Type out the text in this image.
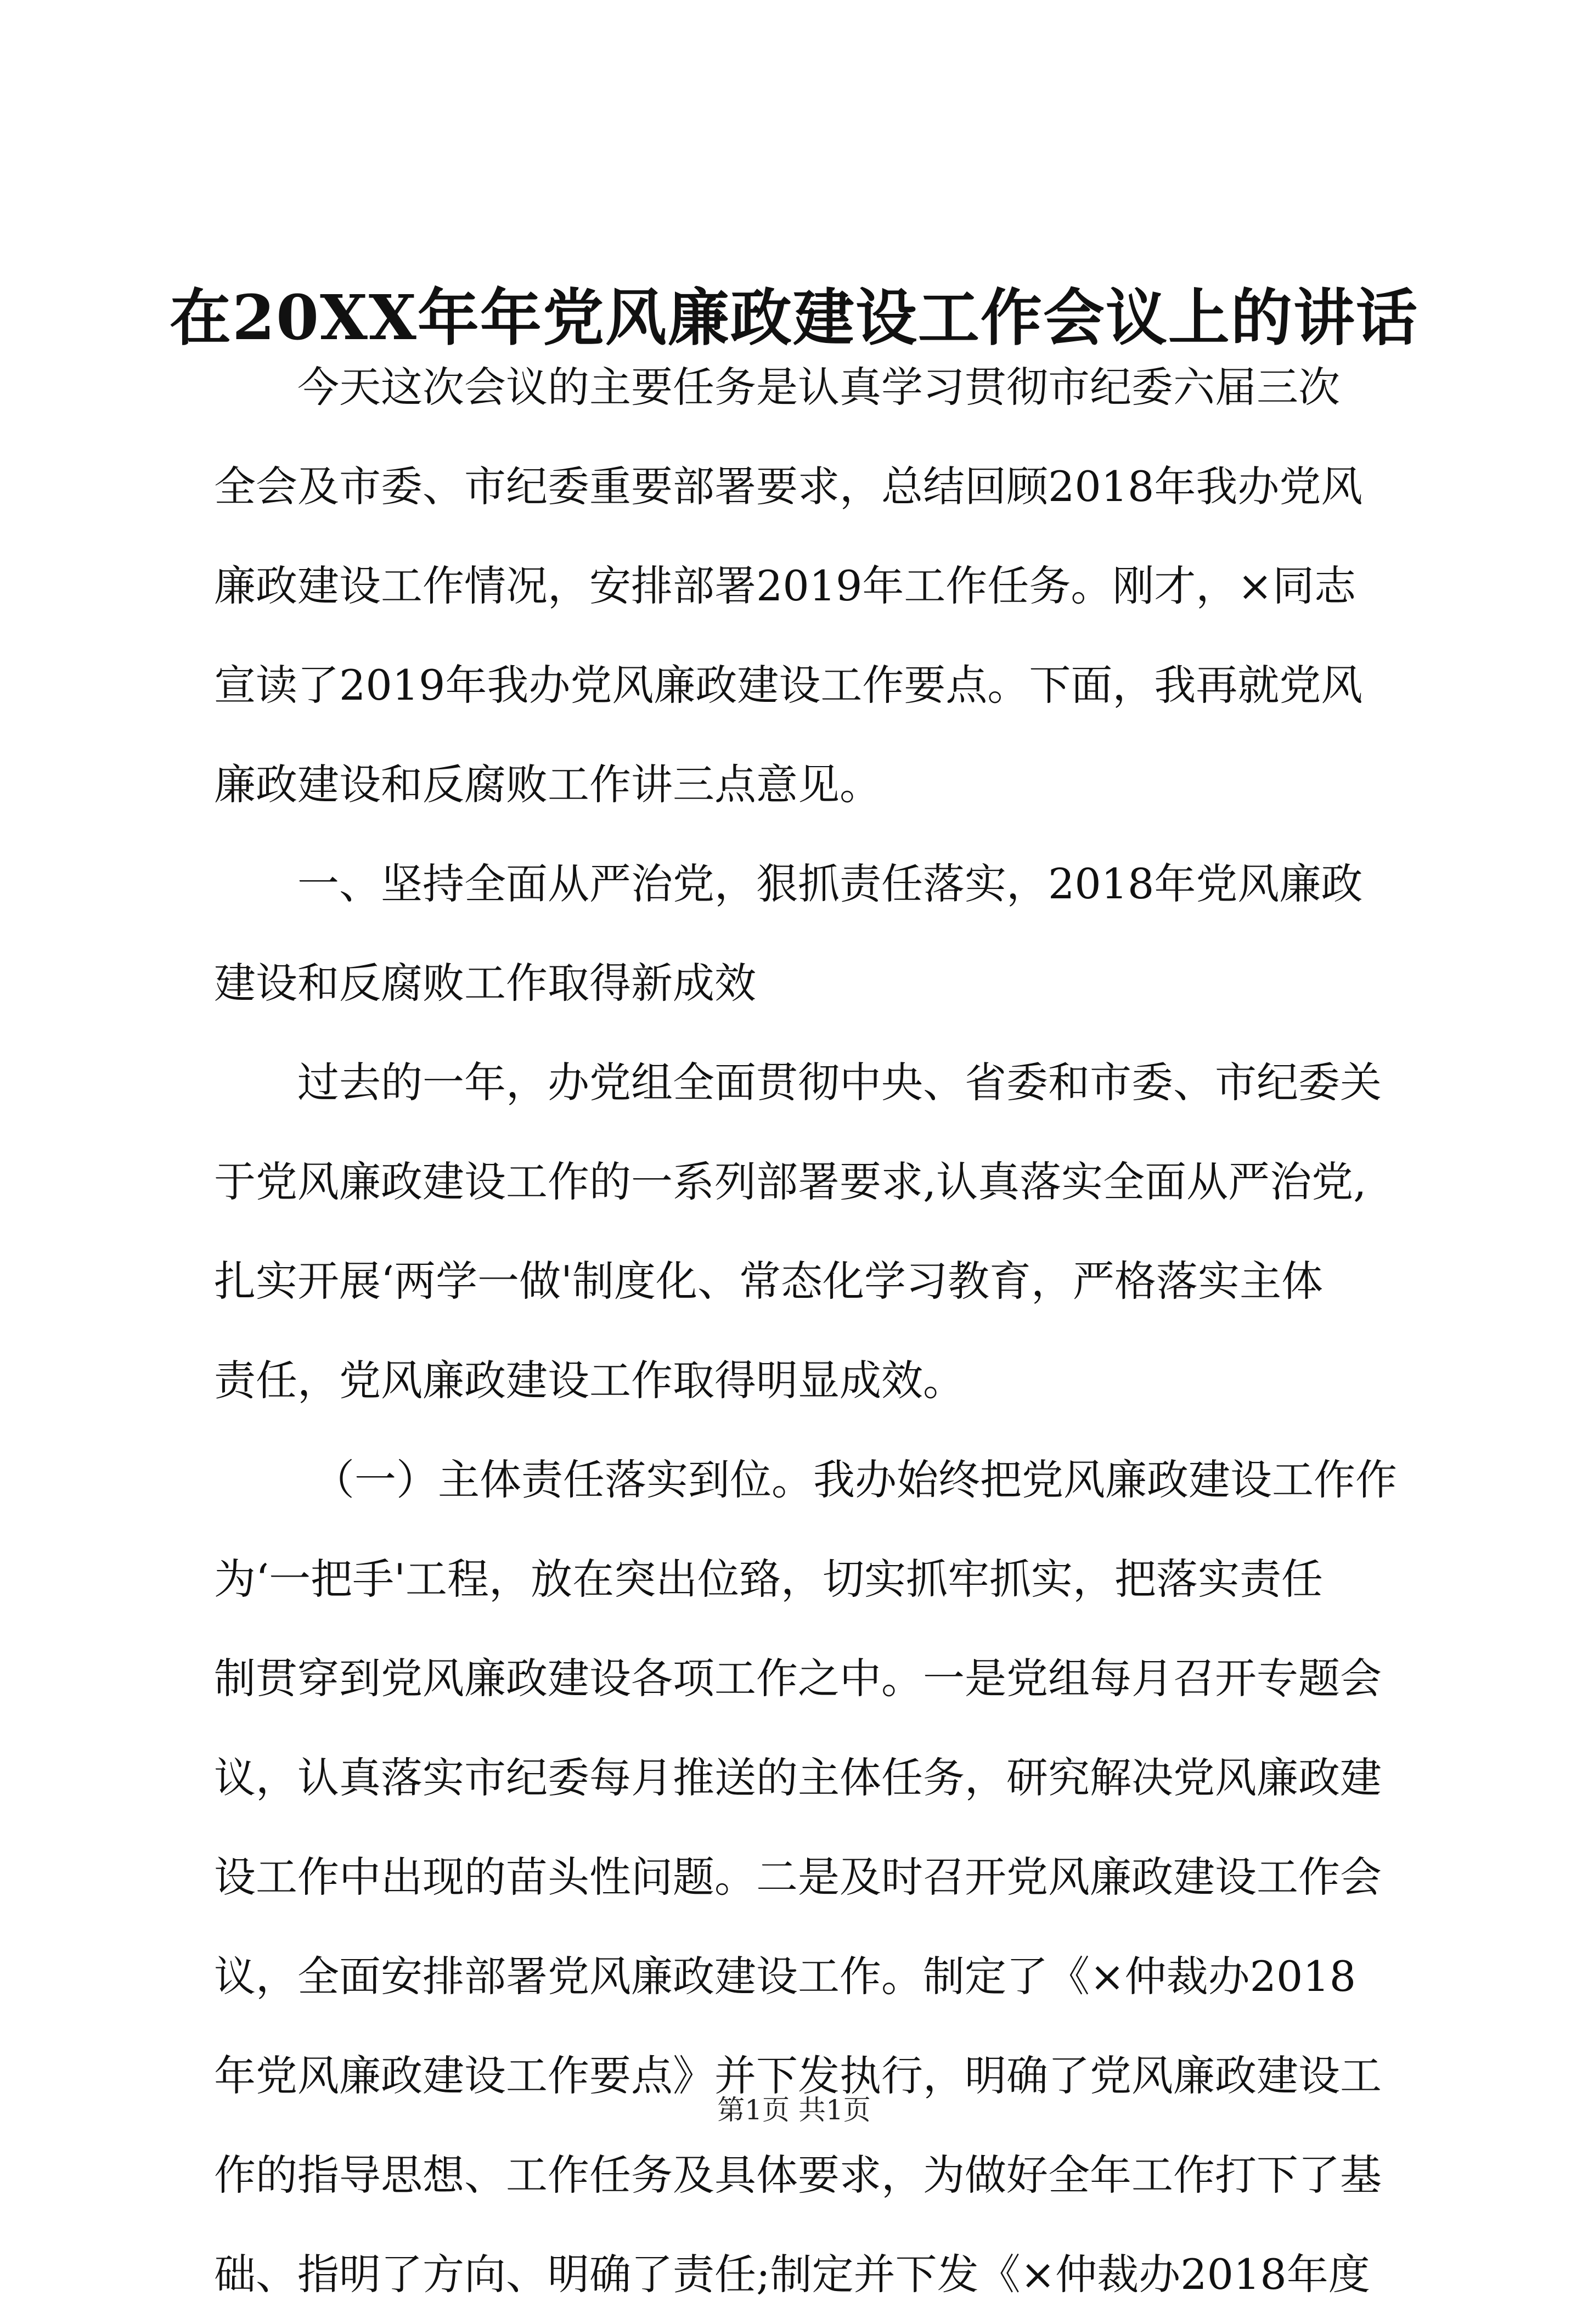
在20XX年年党风廉政建设工作会议上的讲话
今天这次会议的主要任务是认真学习贯彻市纪委六届三次
全会及市委、市纪委重要部署要求，总结回顾2018年我办党风
廉政建设工作情况，安排部署2019年工作任务。刚才，×同志
宣读了2019年我办党风廉政建设工作要点。下面，我再就党风
廉政建设和反腐败工作讲三点意见。
一、坚持全面从严治党，狠抓责任落实，2018年党风廉政
建设和反腐败工作取得新成效
过去的一年，办党组全面贯彻中央、省委和市委、市纪委关
于党风廉政建设工作的一系列部署要求,认真落实全面从严治党,
扎实开展‘两学一做'制度化、常态化学习教育，严格落实主体
责任，党风廉政建设工作取得明显成效。
（一）主体责任落实到位。我办始终把党风廉政建设工作作
为‘一把手'工程，放在突出位臵，切实抓牢抓实，把落实责任
制贯穿到党风廉政建设各项工作之中。一是党组每月召开专题会
议，认真落实市纪委每月推送的主体任务，研究解决党风廉政建
设工作中出现的苗头性问题。二是及时召开党风廉政建设工作会
议，全面安排部署党风廉政建设工作。制定了《×仲裁办2018
年党风廉政建设工作要点》并下发执行，明确了党风廉政建设工
作的指导思想、工作任务及具体要求，为做好全年工作打下了基
础、指明了方向、明确了责任;制定并下发《×仲裁办2018年度
第1页 共1页
